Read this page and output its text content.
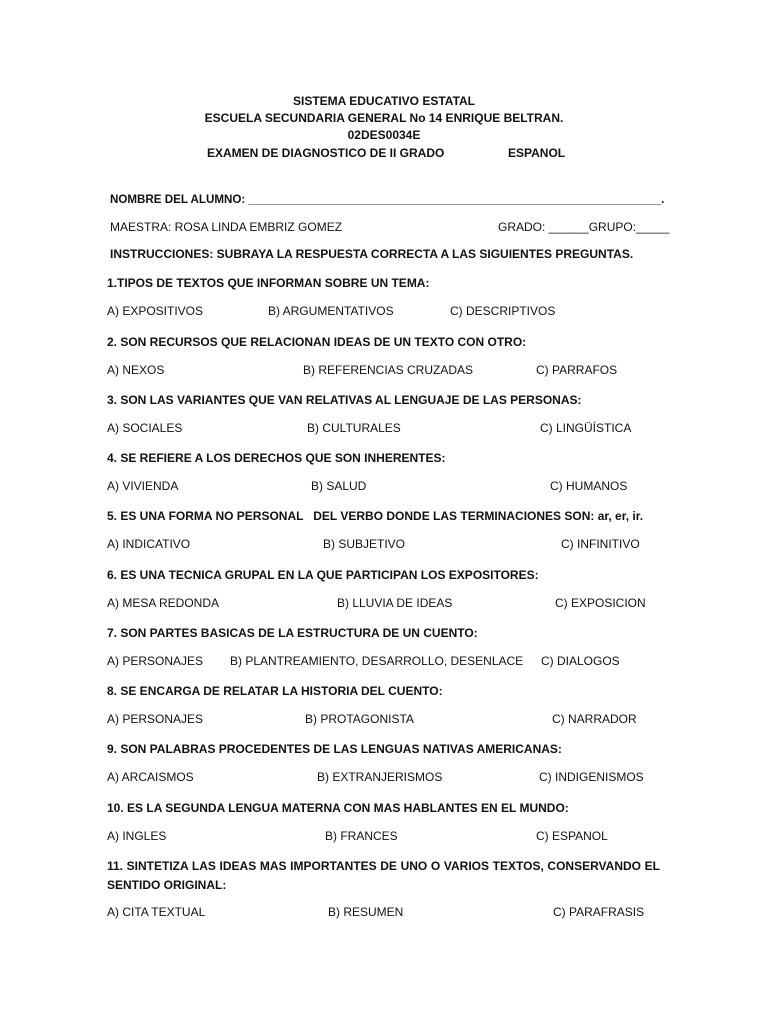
SISTEMA EDUCATIVO ESTATAL
ESCUELA SECUNDARIA GENERAL No 14 ENRIQUE BELTRAN.
02DES0034E
EXAMEN DE DIAGNOSTICO DE II GRADO	ESPANOL
NOMBRE DEL ALUMNO: ________________________________________________________________.
MAESTRA: ROSA LINDA EMBRIZ GOMEZ	GRADO: ______GRUPO:_____
INSTRUCCIONES: SUBRAYA LA RESPUESTA CORRECTA A LAS SIGUIENTES PREGUNTAS.
1.TIPOS DE TEXTOS QUE INFORMAN SOBRE UN TEMA:
A) EXPOSITIVOS	B) ARGUMENTATIVOS	C) DESCRIPTIVOS
2. SON RECURSOS QUE RELACIONAN IDEAS DE UN TEXTO CON OTRO:
A) NEXOS	B) REFERENCIAS CRUZADAS	C) PARRAFOS
3. SON LAS VARIANTES QUE VAN RELATIVAS AL LENGUAJE DE LAS PERSONAS:
A) SOCIALES	B) CULTURALES	C) LINGÜÍSTICA
4. SE REFIERE A LOS DERECHOS QUE SON INHERENTES:
A) VIVIENDA	B) SALUD	C) HUMANOS
5. ES UNA FORMA NO PERSONAL   DEL VERBO DONDE LAS TERMINACIONES SON: ar, er, ir.
A) INDICATIVO	B) SUBJETIVO	C) INFINITIVO
6. ES UNA TECNICA GRUPAL EN LA QUE PARTICIPAN LOS EXPOSITORES:
A) MESA REDONDA	B) LLUVIA DE IDEAS	C) EXPOSICION
7. SON PARTES BASICAS DE LA ESTRUCTURA DE UN CUENTO:
A) PERSONAJES B) PLANTREAMIENTO, DESARROLLO, DESENLACE C) DIALOGOS
8. SE ENCARGA DE RELATAR LA HISTORIA DEL CUENTO:
A) PERSONAJES	B) PROTAGONISTA	C) NARRADOR
9. SON PALABRAS PROCEDENTES DE LAS LENGUAS NATIVAS AMERICANAS:
A) ARCAISMOS	B) EXTRANJERISMOS	C) INDIGENISMOS
10. ES LA SEGUNDA LENGUA MATERNA CON MAS HABLANTES EN EL MUNDO:
A) INGLES	B) FRANCES	C) ESPANOL
11. SINTETIZA LAS IDEAS MAS IMPORTANTES DE UNO O VARIOS TEXTOS, CONSERVANDO EL SENTIDO ORIGINAL:
A) CITA TEXTUAL	B) RESUMEN	C) PARAFRASIS
